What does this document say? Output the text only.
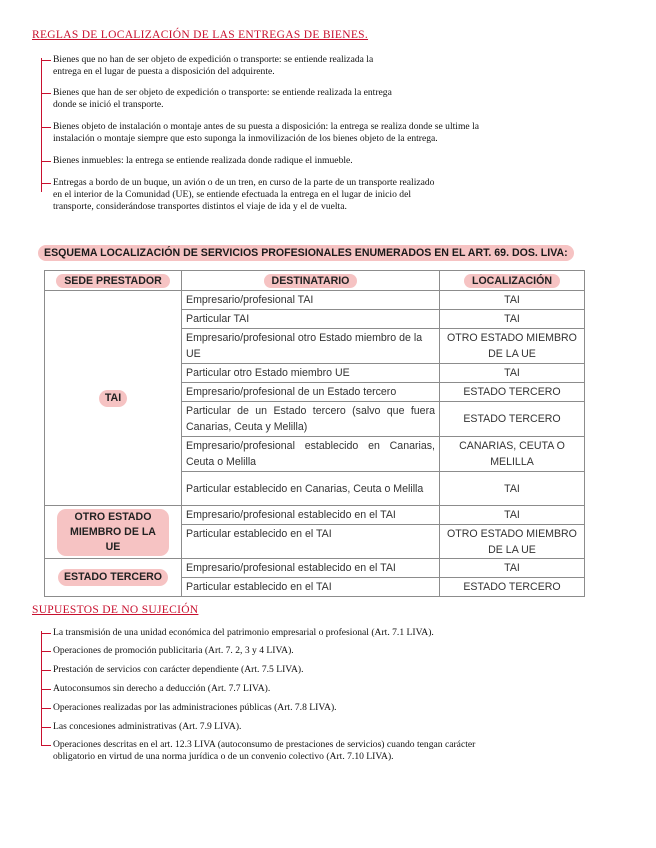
REGLAS DE LOCALIZACIÓN DE LAS ENTREGAS DE BIENES.
Bienes que no han de ser objeto de expedición o transporte: se entiende realizada la
entrega en el lugar de puesta a disposición del adquirente.
Bienes que han de ser objeto de expedición o transporte: se entiende realizada la entrega
donde se inició el transporte.
Bienes objeto de instalación o montaje antes de su puesta a disposición: la entrega se realiza donde se ultime la
instalación o montaje siempre que esto suponga la inmovilización de los bienes objeto de la entrega.
Bienes inmuebles: la entrega se entiende realizada donde radique el inmueble.
Entregas a bordo de un buque, un avión o de un tren, en curso de la parte de un transporte realizado
en el interior de la Comunidad (UE), se entiende efectuada la entrega en el lugar de inicio del
transporte, considerándose transportes distintos el viaje de ida y el de vuelta.
ESQUEMA LOCALIZACIÓN DE SERVICIOS PROFESIONALES ENUMERADOS EN EL ART. 69. DOS. LIVA:
SEDE PRESTADOR	DESTINATARIO	LOCALIZACIÓN
TAI	Empresario/profesional TAI	TAI
	Particular TAI	TAI
	Empresario/profesional otro Estado miembro de la UE	OTRO ESTADO MIEMBRO DE LA UE
	Particular otro Estado miembro UE	TAI
	Empresario/profesional de un Estado tercero	ESTADO TERCERO
	Particular de un Estado tercero (salvo que fuera Canarias, Ceuta y Melilla)	ESTADO TERCERO
	Empresario/profesional establecido en Canarias, Ceuta o Melilla	CANARIAS, CEUTA O MELILLA
	Particular establecido en Canarias, Ceuta o Melilla	TAI
OTRO ESTADO MIEMBRO DE LA UE	Empresario/profesional establecido en el TAI	TAI
	Particular establecido en el TAI	OTRO ESTADO MIEMBRO DE LA UE
ESTADO TERCERO	Empresario/profesional establecido en el TAI	TAI
	Particular establecido en el TAI	ESTADO TERCERO
SUPUESTOS DE NO SUJECIÓN
La transmisión de una unidad económica del patrimonio empresarial o profesional (Art. 7.1 LIVA).
Operaciones de promoción publicitaria (Art. 7. 2, 3 y 4 LIVA).
Prestación de servicios con carácter dependiente (Art. 7.5 LIVA).
Autoconsumos sin derecho a deducción (Art. 7.7 LIVA).
Operaciones realizadas por las administraciones públicas (Art. 7.8 LIVA).
Las concesiones administrativas (Art. 7.9 LIVA).
Operaciones descritas en el art. 12.3 LIVA (autoconsumo de prestaciones de servicios) cuando tengan carácter
obligatorio en virtud de una norma jurídica o de un convenio colectivo (Art. 7.10 LIVA).
